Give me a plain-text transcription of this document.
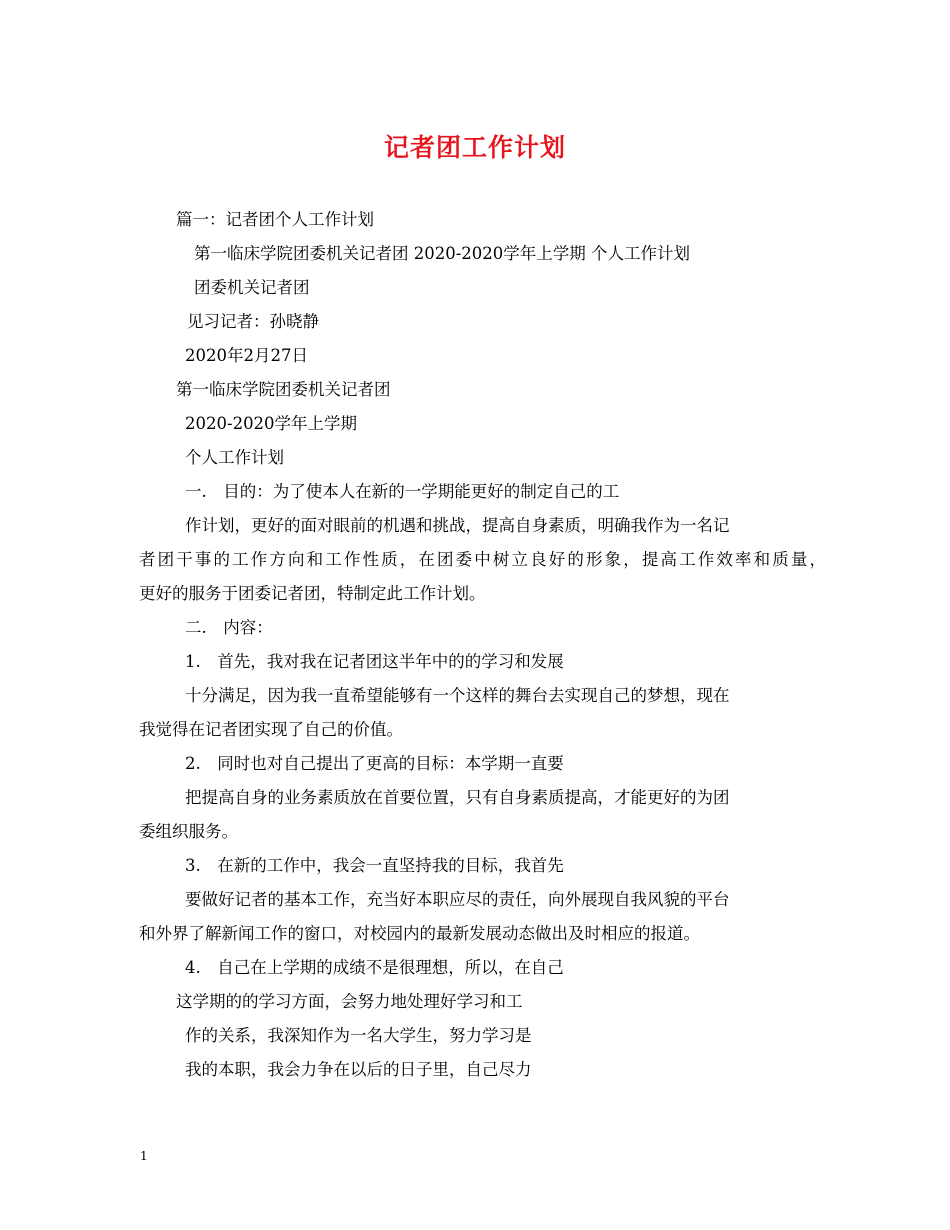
记者团工作计划
篇一：记者团个人工作计划
第一临床学院团委机关记者团 2020-2020学年上学期 个人工作计划
团委机关记者团
见习记者：孙晓静
2020年2月27日
第一临床学院团委机关记者团
2020-2020学年上学期
个人工作计划
一.　目的：为了使本人在新的一学期能更好的制定自己的工
作计划，更好的面对眼前的机遇和挑战，提高自身素质，明确我作为一名记
者团干事的工作方向和工作性质，在团委中树立良好的形象，提高工作效率和质量，
更好的服务于团委记者团，特制定此工作计划。
二.　内容：
1.　首先，我对我在记者团这半年中的的学习和发展
十分满足，因为我一直希望能够有一个这样的舞台去实现自己的梦想，现在
我觉得在记者团实现了自己的价值。
2.　同时也对自己提出了更高的目标：本学期一直要
把提高自身的业务素质放在首要位置，只有自身素质提高，才能更好的为团
委组织服务。
3.　在新的工作中，我会一直坚持我的目标，我首先
要做好记者的基本工作，充当好本职应尽的责任，向外展现自我风貌的平台
和外界了解新闻工作的窗口，对校园内的最新发展动态做出及时相应的报道。
4.　自己在上学期的成绩不是很理想，所以，在自己
这学期的的学习方面，会努力地处理好学习和工
作的关系，我深知作为一名大学生，努力学习是
我的本职，我会力争在以后的日子里，自己尽力
1
